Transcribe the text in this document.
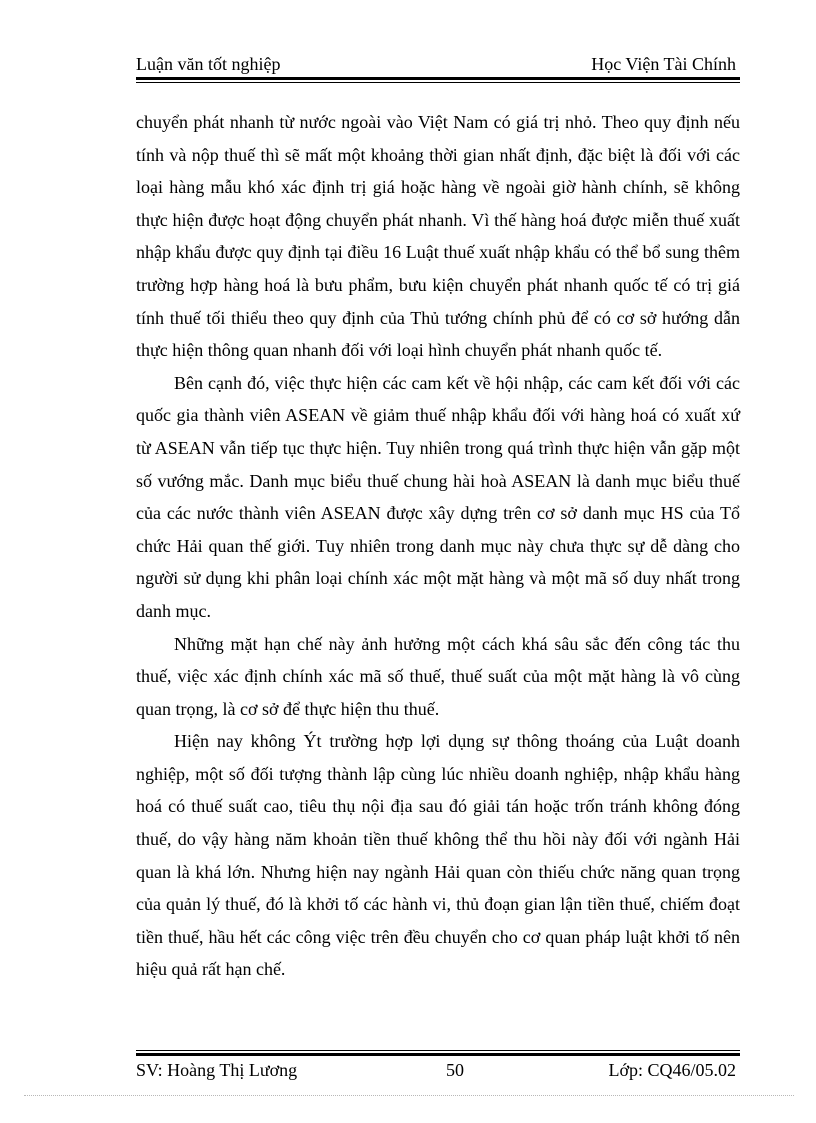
Luận văn tốt nghiệp	Học Viện Tài Chính

chuyển phát nhanh từ nước ngoài vào Việt Nam có giá trị nhỏ. Theo quy định nếu tính và nộp thuế thì sẽ mất một khoảng thời gian nhất định, đặc biệt là đối với các loại hàng mẫu khó xác định trị giá hoặc hàng về ngoài giờ hành chính, sẽ không thực hiện được hoạt động chuyển phát nhanh. Vì thế hàng hoá được miễn thuế xuất nhập khẩu được quy định tại điều 16 Luật thuế xuất nhập khẩu có thể bổ sung thêm trường hợp hàng hoá là bưu phẩm, bưu kiện chuyển phát nhanh quốc tế có trị giá tính thuế tối thiểu theo quy định của Thủ tướng chính phủ để có cơ sở hướng dẫn thực hiện thông quan nhanh đối với loại hình chuyển phát nhanh quốc tế.

Bên cạnh đó, việc thực hiện các cam kết về hội nhập, các cam kết đối với các quốc gia thành viên ASEAN về giảm thuế nhập khẩu đối với hàng hoá có xuất xứ từ ASEAN vẫn tiếp tục thực hiện. Tuy nhiên trong quá trình thực hiện vẫn gặp một số vướng mắc. Danh mục biểu thuế chung hài hoà ASEAN là danh mục biểu thuế của các nước thành viên ASEAN được xây dựng trên cơ sở danh mục HS của Tổ chức Hải quan thế giới. Tuy nhiên trong danh mục này chưa thực sự dễ dàng cho người sử dụng khi phân loại chính xác một mặt hàng và một mã số duy nhất trong danh mục.

Những mặt hạn chế này ảnh hưởng một cách khá sâu sắc đến công tác thu thuế, việc xác định chính xác mã số thuế, thuế suất của một mặt hàng là vô cùng quan trọng, là cơ sở để thực hiện thu thuế.

Hiện nay không Ýt trường hợp lợi dụng sự thông thoáng của Luật doanh nghiệp, một số đối tượng thành lập cùng lúc nhiều doanh nghiệp, nhập khẩu hàng hoá có thuế suất cao, tiêu thụ nội địa sau đó giải tán hoặc trốn tránh không đóng thuế, do vậy hàng năm khoản tiền thuế không thể thu hồi này đối với ngành Hải quan là khá lớn. Nhưng hiện nay ngành Hải quan còn thiếu chức năng quan trọng của quản lý thuế, đó là khởi tố các hành vi, thủ đoạn gian lận tiền thuế, chiếm đoạt tiền thuế, hầu hết các công việc trên đều chuyển cho cơ quan pháp luật khởi tố nên hiệu quả rất hạn chế.

SV: Hoàng Thị Lương	50	Lớp: CQ46/05.02
